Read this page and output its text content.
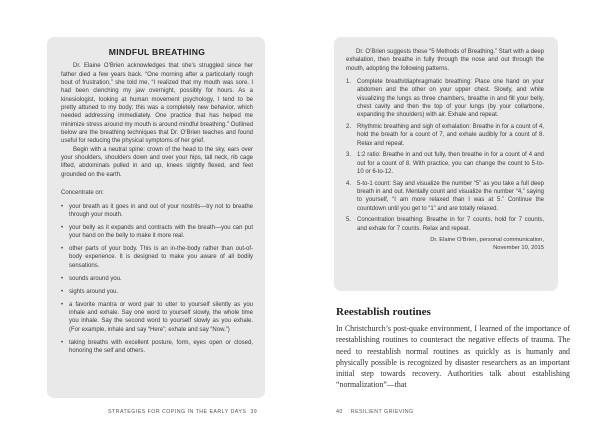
MINDFUL BREATHING

Dr. Elaine O’Brien acknowledges that she’s struggled since her father died a few years back. “One morning after a particularly rough bout of frustration,” she told me, “I realized that my mouth was sore. I had been clenching my jaw overnight, possibly for hours. As a kinesiologist, looking at human movement psychology, I tend to be pretty attuned to my body; this was a completely new behavior, which needed addressing immediately. One practice that has helped me minimize stress around my mouth is around mindful breathing.” Outlined below are the breathing techniques that Dr. O’Brien teaches and found useful for reducing the physical symptoms of her grief.

Begin with a neutral spine: crown of the head to the sky, ears over your shoulders, shoulders down and over your hips, tall neck, rib cage lifted, abdominals pulled in and up, knees slightly flexed, and feet grounded on the earth.

Concentrate on:

• your breath as it goes in and out of your nostrils—try not to breathe through your mouth.
• your belly as it expands and contracts with the breath—you can put your hand on the belly to make it more real.
• other parts of your body. This is an in-the-body rather than out-of-body experience. It is designed to make you aware of all bodily sensations.
• sounds around you.
• sights around you.
• a favorite mantra or word pair to utter to yourself silently as you inhale and exhale. Say one word to yourself slowly, the whole time you inhale. Say the second word to yourself slowly as you exhale. (For example, inhale and say “Here”; exhale and say “Now.”)
• taking breaths with excellent posture, form, eyes open or closed, honoring the self and others.
STRATEGIES FOR COPING IN THE EARLY DAYS 39

Dr. O’Brien suggests these “5 Methods of Breathing.” Start with a deep exhalation, then breathe in fully through the nose and out through the mouth, adopting the following patterns.

1. Complete breath/diaphragmatic breathing: Place one hand on your abdomen and the other on your upper chest. Slowly, and while visualizing the lungs as three chambers, breathe in and fill your belly, chest cavity and then the top of your lungs (by your collarbone, expanding the shoulders) with air. Exhale and repeat.
2. Rhythmic breathing and sigh of exhalation: Breathe in for a count of 4, hold the breath for a count of 7, and exhale audibly for a count of 8. Relax and repeat.
3. 1:2 ratio: Breathe in and out fully, then breathe in for a count of 4 and out for a count of 8. With practice, you can change the count to 5-to-10 or 6-to-12.
4. 5-to-1 count: Say and visualize the number “5” as you take a full deep breath in and out. Mentally count and visualize the number “4,” saying to yourself, “I am more relaxed than I was at 5.” Continue the countdown until you get to “1” and are totally relaxed.
5. Concentration breathing: Breathe in for 7 counts, hold for 7 counts, and exhale for 7 counts. Relax and repeat.

Dr. Elaine O’Brien, personal communication,
November 10, 2015

Reestablish routines

In Christchurch’s post-quake environment, I learned of the importance of reestablishing routines to counteract the negative effects of trauma. The need to reestablish normal routines as quickly as is humanly and physically possible is recognized by disaster researchers as an important initial step towards recovery. Authorities talk about establishing “normalization”—that

40 RESILIENT GRIEVING
